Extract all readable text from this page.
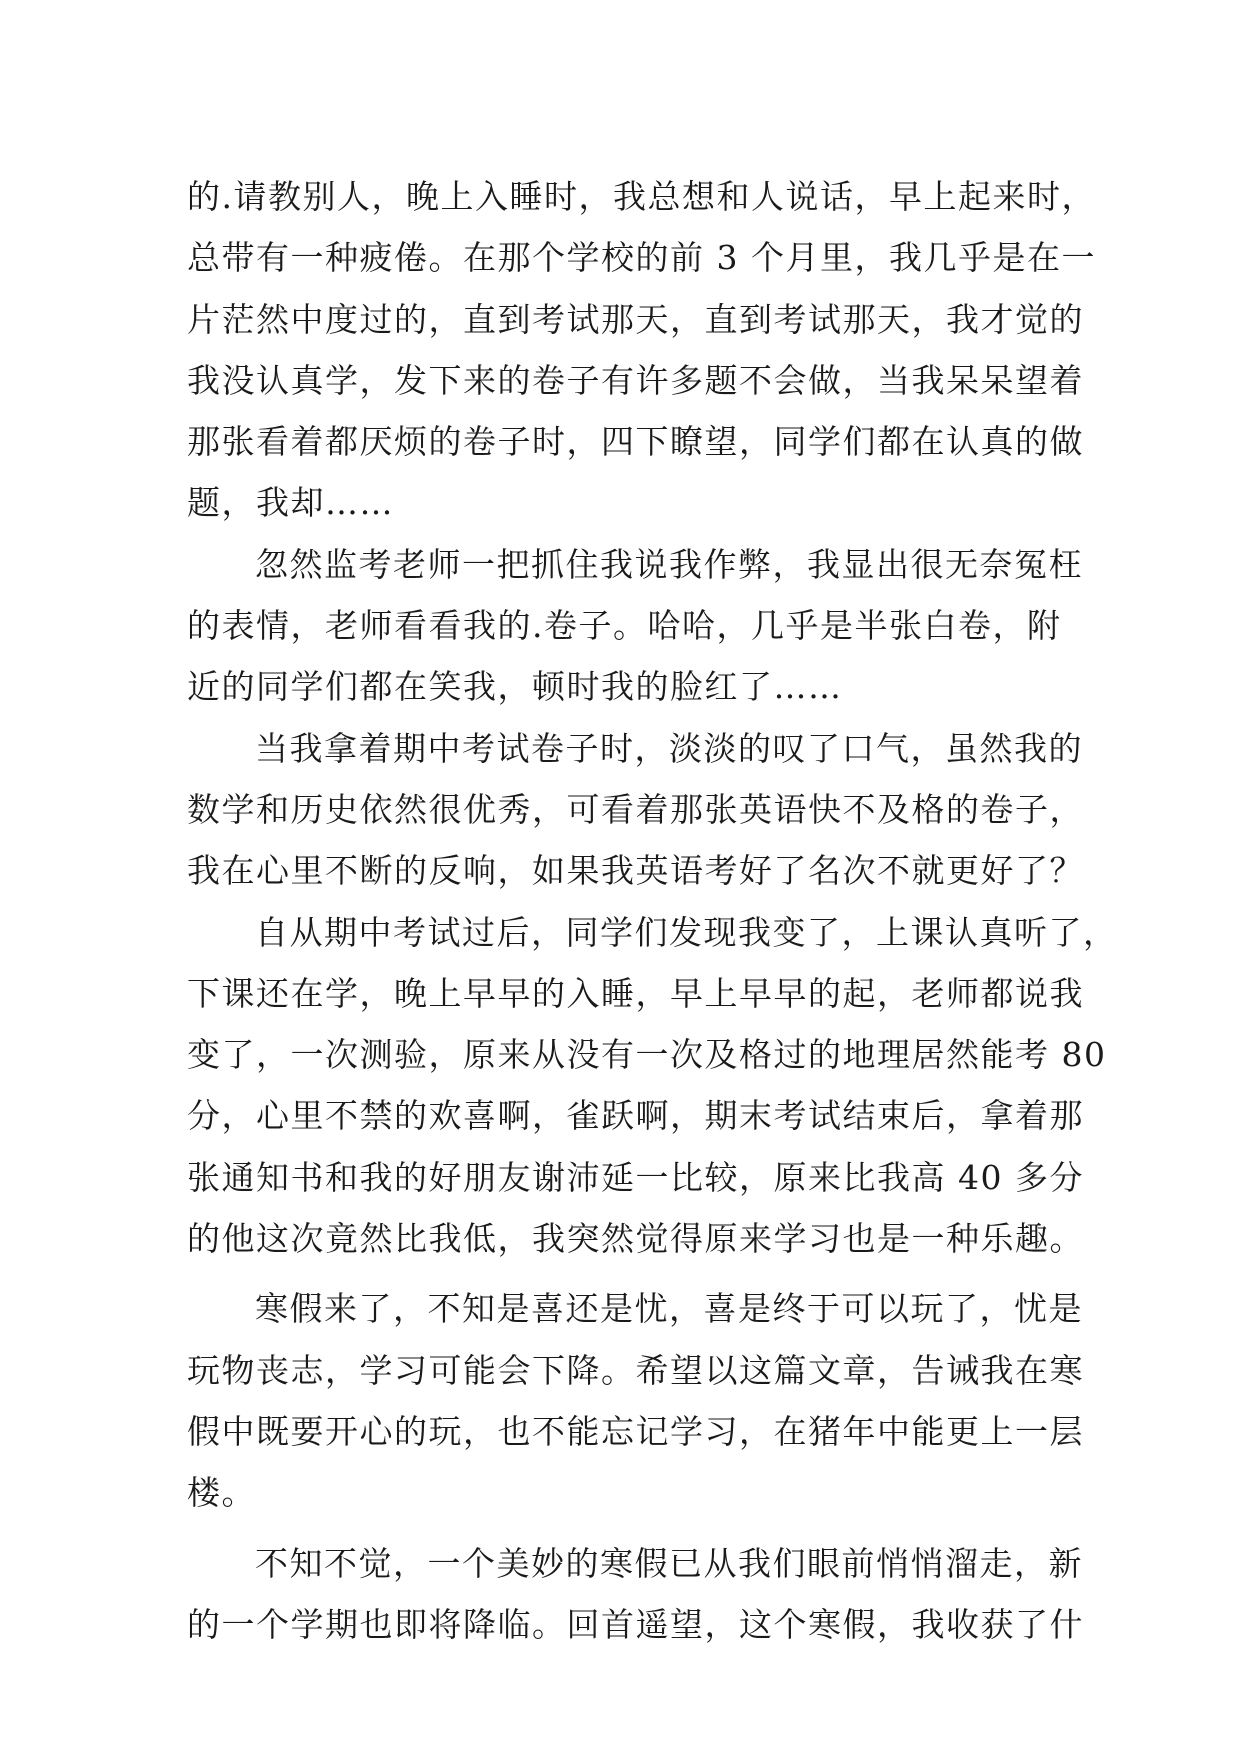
的.请教别人，晚上入睡时，我总想和人说话，早上起来时，
总带有一种疲倦。在那个学校的前 3 个月里，我几乎是在一
片茫然中度过的，直到考试那天，直到考试那天，我才觉的
我没认真学，发下来的卷子有许多题不会做，当我呆呆望着
那张看着都厌烦的卷子时，四下瞭望，同学们都在认真的做
题，我却……
忽然监考老师一把抓住我说我作弊，我显出很无奈冤枉
的表情，老师看看我的.卷子。哈哈，几乎是半张白卷，附
近的同学们都在笑我，顿时我的脸红了……
当我拿着期中考试卷子时，淡淡的叹了口气，虽然我的
数学和历史依然很优秀，可看着那张英语快不及格的卷子，
我在心里不断的反响，如果我英语考好了名次不就更好了？
自从期中考试过后，同学们发现我变了，上课认真听了，
下课还在学，晚上早早的入睡，早上早早的起，老师都说我
变了，一次测验，原来从没有一次及格过的地理居然能考 80
分，心里不禁的欢喜啊，雀跃啊，期末考试结束后，拿着那
张通知书和我的好朋友谢沛延一比较，原来比我高 40 多分
的他这次竟然比我低，我突然觉得原来学习也是一种乐趣。
寒假来了，不知是喜还是忧，喜是终于可以玩了，忧是
玩物丧志，学习可能会下降。希望以这篇文章，告诫我在寒
假中既要开心的玩，也不能忘记学习，在猪年中能更上一层
楼。
不知不觉，一个美妙的寒假已从我们眼前悄悄溜走，新
的一个学期也即将降临。回首遥望，这个寒假，我收获了什
